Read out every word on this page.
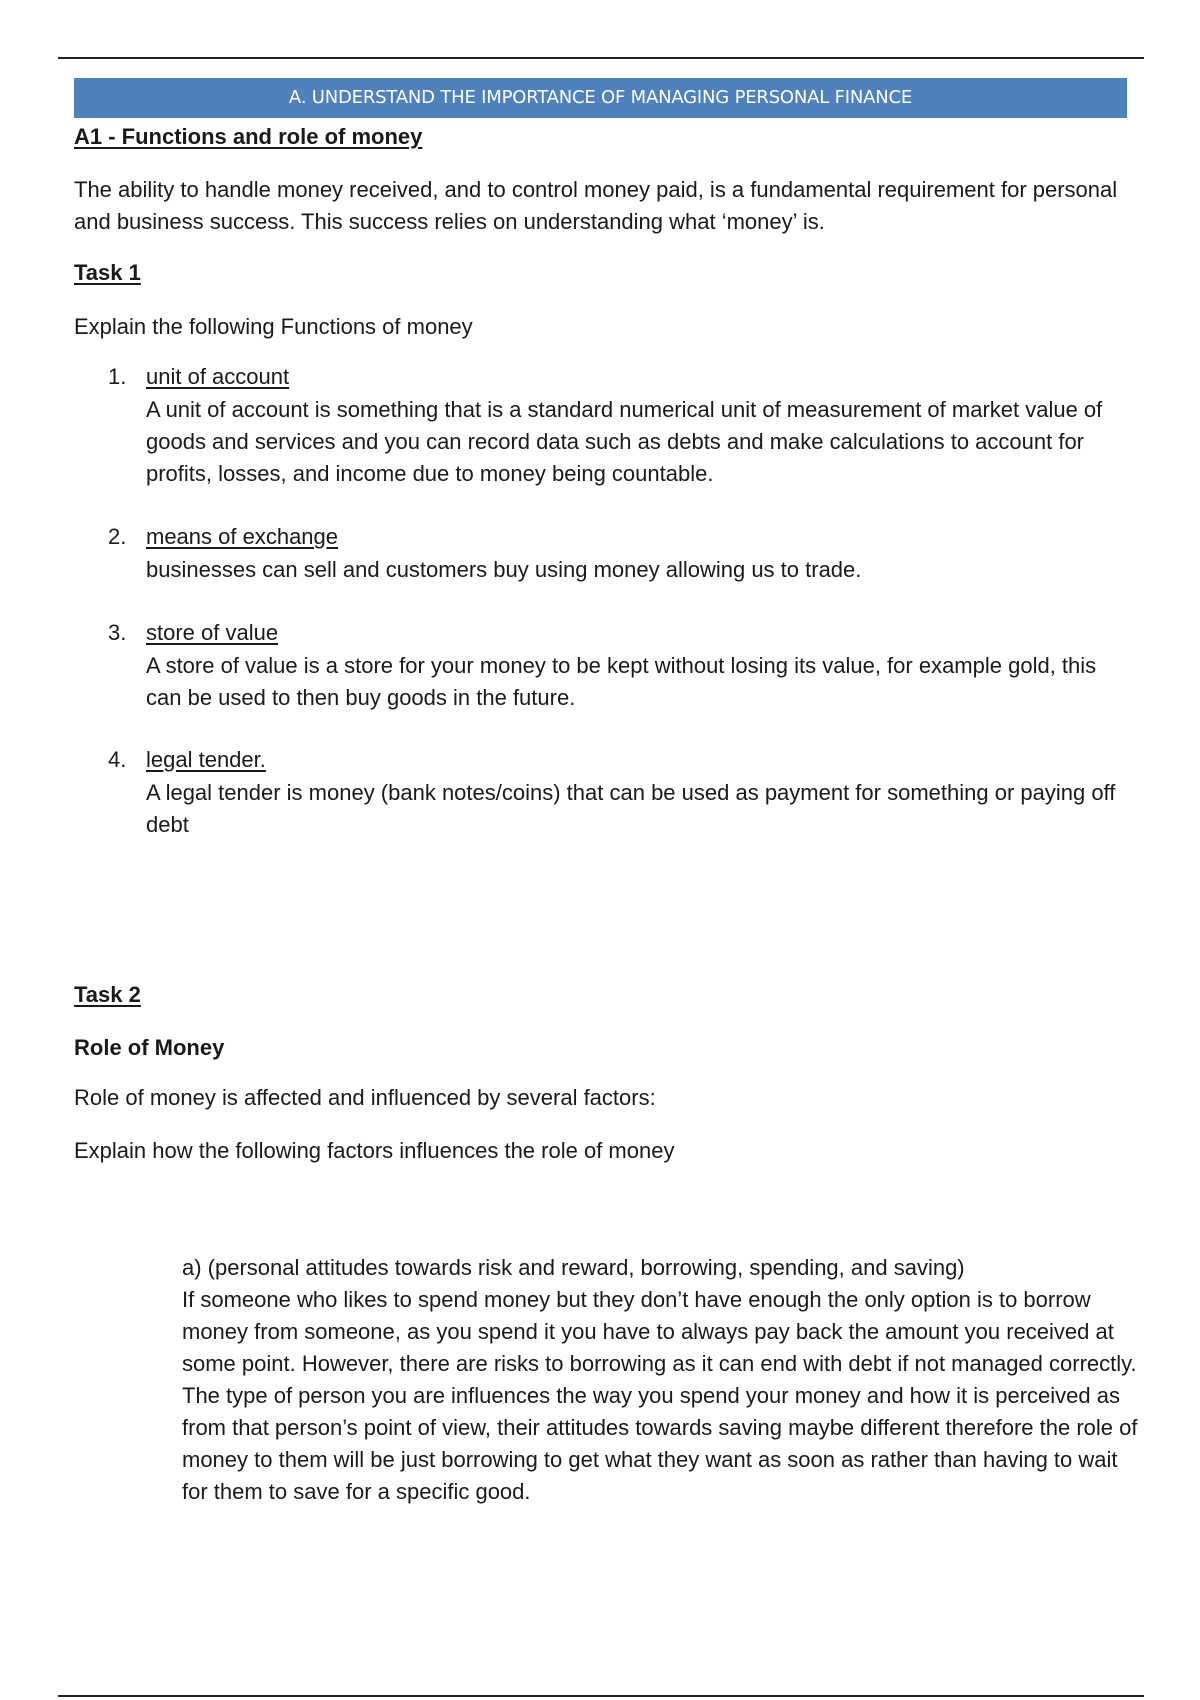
A. UNDERSTAND THE IMPORTANCE OF MANAGING PERSONAL FINANCE
A1 - Functions and role of money
The ability to handle money received, and to control money paid, is a fundamental requirement for personal and business success. This success relies on understanding what ‘money’ is.
Task 1
Explain the following Functions of money
1. unit of account
A unit of account is something that is a standard numerical unit of measurement of market value of goods and services and you can record data such as debts and make calculations to account for profits, losses, and income due to money being countable.
2. means of exchange
businesses can sell and customers buy using money allowing us to trade.
3. store of value
A store of value is a store for your money to be kept without losing its value, for example gold, this can be used to then buy goods in the future.
4. legal tender.
A legal tender is money (bank notes/coins) that can be used as payment for something or paying off debt
Task 2
Role of Money
Role of money is affected and influenced by several factors:
Explain how the following factors influences the role of money
a) (personal attitudes towards risk and reward, borrowing, spending, and saving)
If someone who likes to spend money but they don’t have enough the only option is to borrow money from someone, as you spend it you have to always pay back the amount you received at some point. However, there are risks to borrowing as it can end with debt if not managed correctly. The type of person you are influences the way you spend your money and how it is perceived as from that person’s point of view, their attitudes towards saving maybe different therefore the role of money to them will be just borrowing to get what they want as soon as rather than having to wait for them to save for a specific good.
